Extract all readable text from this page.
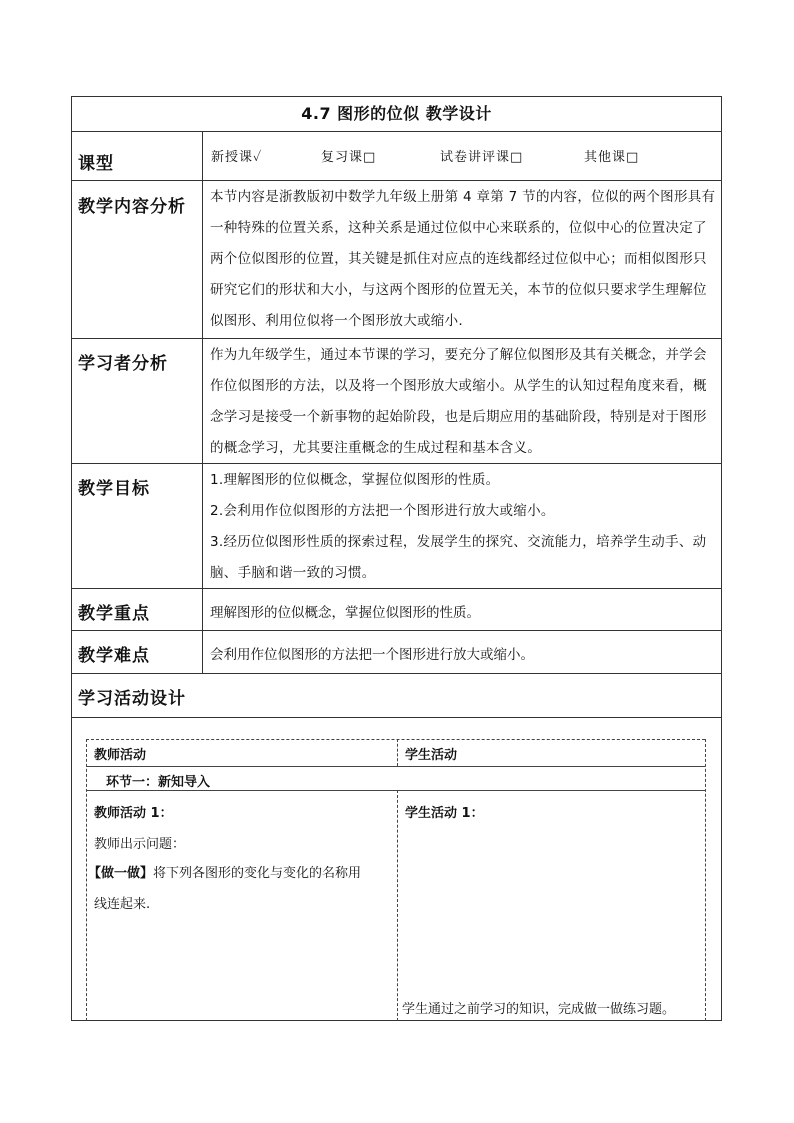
4.7 图形的位似 教学设计
课型	新授课✓	复习课□	试卷讲评课□	其他课□
教学内容分析 本节内容是浙教版初中数学九年级上册第 4 章第 7 节的内容，位似的两个图形具有一种特殊的位置关系，这种关系是通过位似中心来联系的，位似中心的位置决定了两个位似图形的位置，其关键是抓住对应点的连线都经过位似中心；而相似图形只研究它们的形状和大小，与这两个图形的位置无关，本节的位似只要求学生理解位似图形、利用位似将一个图形放大或缩小.
学习者分析	作为九年级学生，通过本节课的学习，要充分了解位似图形及其有关概念，并学会作位似图形的方法，以及将一个图形放大或缩小。从学生的认知过程角度来看，概念学习是接受一个新事物的起始阶段，也是后期应用的基础阶段，特别是对于图形的概念学习，尤其要注重概念的生成过程和基本含义。
教学目标	1.理解图形的位似概念，掌握位似图形的性质。
2.会利用作位似图形的方法把一个图形进行放大或缩小。
3.经历位似图形性质的探索过程，发展学生的探究、交流能力，培养学生动手、动脑、手脑和谐一致的习惯。
教学重点	理解图形的位似概念，掌握位似图形的性质。
教学难点	会利用作位似图形的方法把一个图形进行放大或缩小。
学习活动设计
教师活动	学生活动
环节一：新知导入
教师活动 1：
教师出示问题：
【做一做】将下列各图形的变化与变化的名称用
线连起来.
学生活动 1：
学生通过之前学习的知识，完成做一做练习题。
